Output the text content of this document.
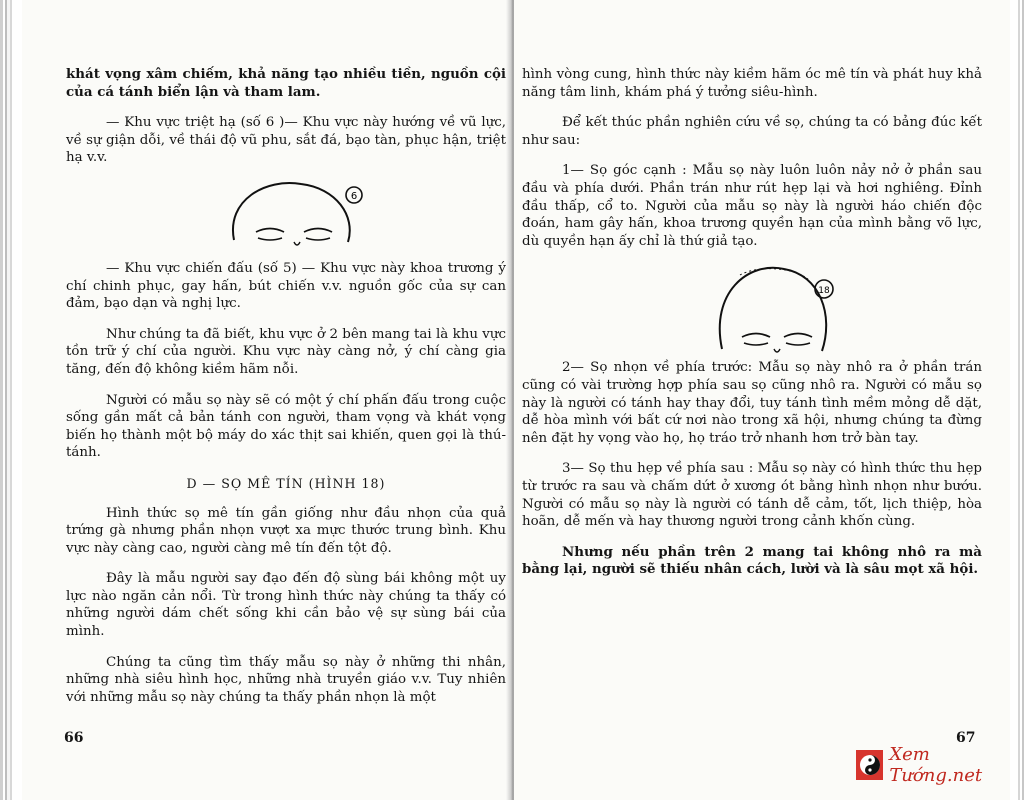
khát vọng xâm chiếm, khả năng tạo nhiều tiền, nguồn cội của cá tánh biển lận và tham lam.

— Khu vực triệt hạ (số 6 )— Khu vực này hướng về vũ lực, về sự giận dỗi, về thái độ vũ phu, sắt đá, bạo tàn, phục hận, triệt hạ v.v.

6

— Khu vực chiến đấu (số 5) — Khu vực này khoa trương ý chí chinh phục, gay hấn, bút chiến v.v. nguồn gốc của sự can đảm, bạo dạn và nghị lực.

Như chúng ta đã biết, khu vực ở 2 bên mang tai là khu vực tồn trữ ý chí của người. Khu vực này càng nở, ý chí càng gia tăng, đến độ không kiềm hãm nỗi.

Người có mẫu sọ này sẽ có một ý chí phấn đấu trong cuộc sống gần mất cả bản tánh con người, tham vọng và khát vọng biến họ thành một bộ máy do xác thịt sai khiến, quen gọi là thú-tánh.

D — SỌ MÊ TÍN (HÌNH 18)

Hình thức sọ mê tín gần giống như đầu nhọn của quả trứng gà nhưng phần nhọn vượt xa mực thước trung bình. Khu vực này càng cao, người càng mê tín đến tột độ.

Đây là mẫu người say đạo đến độ sùng bái không một uy lực nào ngăn cản nổi. Từ trong hình thức này chúng ta thấy có những người dám chết sống khi cần bảo vệ sự sùng bái của mình.

Chúng ta cũng tìm thấy mẫu sọ này ở những thi nhân, những nhà siêu hình học, những nhà truyền giáo v.v. Tuy nhiên với những mẫu sọ này chúng ta thấy phần nhọn là một

66

hình vòng cung, hình thức này kiềm hãm óc mê tín và phát huy khả năng tâm linh, khám phá ý tưởng siêu-hình.

Để kết thúc phần nghiên cứu về sọ, chúng ta có bảng đúc kết như sau:

1— Sọ góc cạnh : Mẫu sọ này luôn luôn nảy nở ở phần sau đầu và phía dưới. Phần trán như rút hẹp lại và hơi nghiêng. Đỉnh đầu thấp, cổ to. Người của mẫu sọ này là người háo chiến độc đoán, ham gây hấn, khoa trương quyền hạn của mình bằng võ lực, dù quyền hạn ấy chỉ là thứ giả tạo.

18

2— Sọ nhọn về phía trước: Mẫu sọ này nhô ra ở phần trán cũng có vài trường hợp phía sau sọ cũng nhô ra. Người có mẫu sọ này là người có tánh hay thay đổi, tuy tánh tình mềm mỏng dễ dặt, dễ hòa mình với bất cứ nơi nào trong xã hội, nhưng chúng ta đừng nên đặt hy vọng vào họ, họ tráo trở nhanh hơn trở bàn tay.

3— Sọ thu hẹp về phía sau : Mẫu sọ này có hình thức thu hẹp từ trước ra sau và chấm dứt ở xương ót bằng hình nhọn như bướu. Người có mẫu sọ này là người có tánh dễ cảm, tốt, lịch thiệp, hòa hoãn, dễ mến và hay thương người trong cảnh khốn cùng.

Nhưng nếu phần trên 2 mang tai không nhô ra mà bằng lại, người sẽ thiếu nhân cách, lười và là sâu mọt xã hội.

67
Xem Tướng.net
